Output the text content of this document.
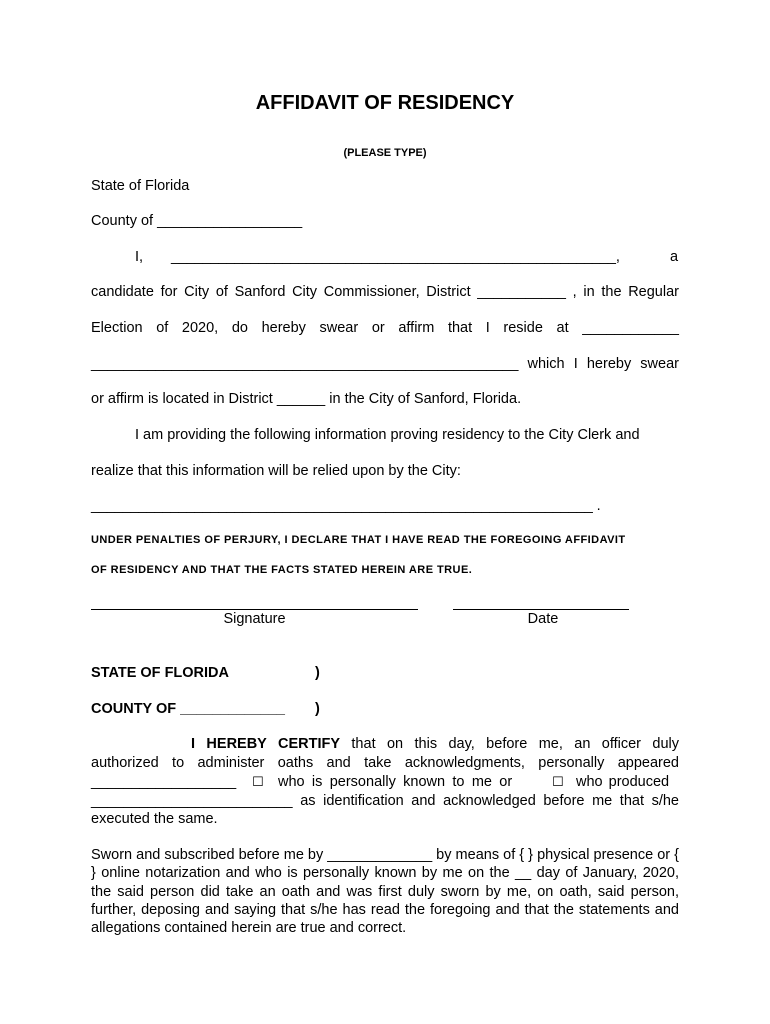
AFFIDAVIT OF RESIDENCY
(PLEASE TYPE)
State of Florida
County of __________________
I, ________________________________________________________,	a
candidate for City of Sanford City Commissioner, District ___________ , in the Regular
Election of 2020, do hereby swear or affirm that I reside at ____________
_____________________________________________________ which I hereby swear
or affirm is located in District ______ in the City of Sanford, Florida.
I am providing the following information proving residency to the City Clerk and
realize that this information will be relied upon by the City:
_______________________________________________________________ .
UNDER PENALTIES OF PERJURY, I DECLARE THAT I HAVE READ THE FOREGOING AFFIDAVIT
OF RESIDENCY AND THAT THE FACTS STATED HEREIN ARE TRUE.
Signature	Date
STATE OF FLORIDA	)
COUNTY OF _____________ )
I HEREBY CERTIFY that on this day, before me, an officer duly
authorized to administer oaths and take acknowledgments, personally appeared
__________________ ☐ who is personally known to me or	☐ who produced
_________________________ as identification and acknowledged before me that s/he
executed the same.
Sworn and subscribed before me by _____________ by means of { } physical presence or { } online notarization and who is personally known by me on the __ day of January, 2020, the said person did take an oath and was first duly sworn by me, on oath, said person, further, deposing and saying that s/he has read the foregoing and that the statements and allegations contained herein are true and correct.
